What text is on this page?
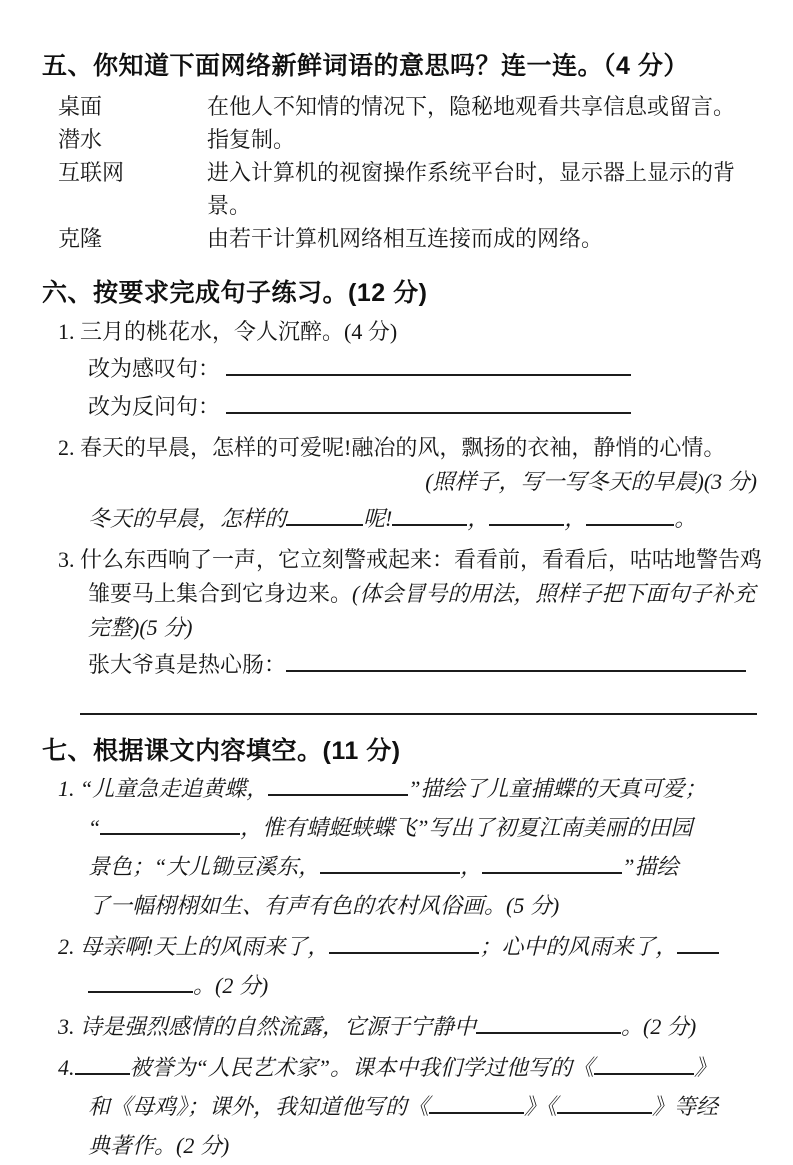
五、你知道下面网络新鲜词语的意思吗？连一连。（4 分）
桌面	在他人不知情的情况下，隐秘地观看共享信息或留言。
潜水	指复制。
互联网	进入计算机的视窗操作系统平台时，显示器上显示的背景。
克隆	由若干计算机网络相互连接而成的网络。
六、按要求完成句子练习。(12 分)
1. 三月的桃花水，令人沉醉。(4 分)
改为感叹句：
改为反问句：
2. 春天的早晨，怎样的可爱呢!融冶的风，飘扬的衣袖，静悄的心情。
(照样子，写一写冬天的早晨)(3 分)
冬天的早晨，怎样的	呢!	，	，	。
3. 什么东西响了一声，它立刻警戒起来：看看前，看看后，咕咕地警告鸡雏要马上集合到它身边来。(体会冒号的用法，照样子把下面句子补充完整)(5 分)
张大爷真是热心肠：
七、根据课文内容填空。(11 分)
1. “儿童急走追黄蝶，	”描绘了儿童捕蝶的天真可爱；
“	，惟有蜻蜓蛱蝶飞”写出了初夏江南美丽的田园
景色；“大儿锄豆溪东，	，	”描绘
了一幅栩栩如生、有声有色的农村风俗画。(5 分)
2. 母亲啊!天上的风雨来了，	；心中的风雨来了，
。(2 分)
3. 诗是强烈感情的自然流露，它源于宁静中	。(2 分)
4.	被誉为“人民艺术家”。课本中我们学过他写的《	》
和《母鸡》；课外，我知道他写的《	》《	》等经
典著作。(2 分)
